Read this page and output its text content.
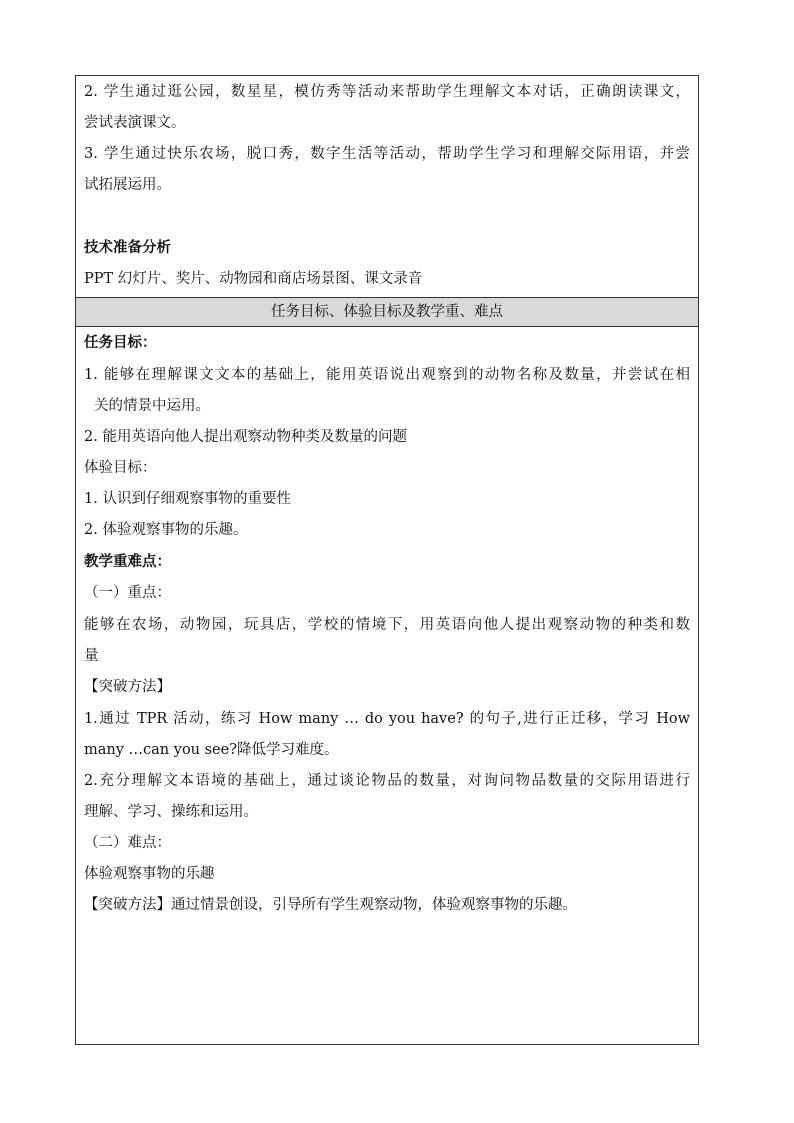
2. 学生通过逛公园，数星星，模仿秀等活动来帮助学生理解文本对话，正确朗读课文，
尝试表演课文。
3. 学生通过快乐农场，脱口秀，数字生活等活动，帮助学生学习和理解交际用语，并尝
试拓展运用。
技术准备分析
PPT 幻灯片、奖片、动物园和商店场景图、课文录音
任务目标、体验目标及教学重、难点
任务目标：
1. 能够在理解课文文本的基础上，能用英语说出观察到的动物名称及数量，并尝试在相
关的情景中运用。
2. 能用英语向他人提出观察动物种类及数量的问题
体验目标：
1. 认识到仔细观察事物的重要性
2. 体验观察事物的乐趣。
教学重难点：
（一）重点：
能够在农场，动物园，玩具店，学校的情境下，用英语向他人提出观察动物的种类和数
量
【突破方法】
1.通过 TPR 活动，练习 How many … do you have? 的句子,进行正迁移，学习 How
many …can you see?降低学习难度。
2.充分理解文本语境的基础上，通过谈论物品的数量，对询问物品数量的交际用语进行
理解、学习、操练和运用。
（二）难点：
体验观察事物的乐趣
【突破方法】通过情景创设，引导所有学生观察动物，体验观察事物的乐趣。
